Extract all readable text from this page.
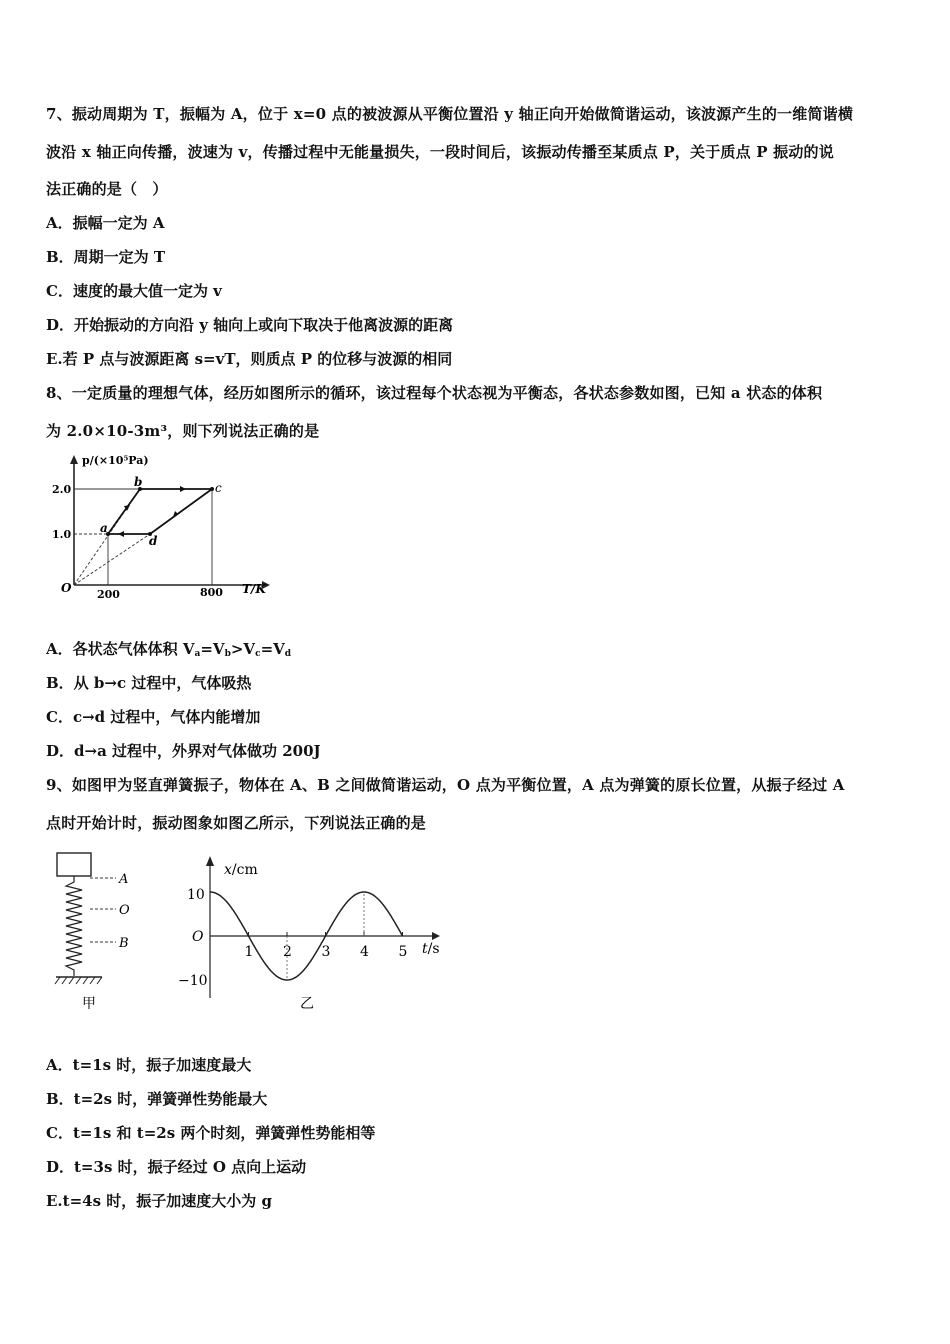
7、振动周期为 T，振幅为 A，位于 x=0 点的被波源从平衡位置沿 y 轴正向开始做简谐运动，该波源产生的一维简谐横
波沿 x 轴正向传播，波速为 v，传播过程中无能量损失，一段时间后，该振动传播至某质点 P，关于质点 P 振动的说
法正确的是（　）
A．振幅一定为 A
B．周期一定为 T
C．速度的最大值一定为 v
D．开始振动的方向沿 y 轴向上或向下取决于他离波源的距离
E.若 P 点与波源距离 s=vT，则质点 P 的位移与波源的相同
8、一定质量的理想气体，经历如图所示的循环，该过程每个状态视为平衡态，各状态参数如图，已知 a 状态的体积
为 2.0×10-3m³，则下列说法正确的是
p/(×10⁵Pa)
T/K
O
2.0
1.0
200	800
a
b	c
d
A．各状态气体体积 $V_a=V_b>V_c=V_d$
B．从 b→c 过程中，气体吸热
C．c→d 过程中，气体内能增加
D．d→a 过程中，外界对气体做功 200J
9、如图甲为竖直弹簧振子，物体在 A、B 之间做简谐运动，O 点为平衡位置，A 点为弹簧的原长位置，从振子经过 A
点时开始计时，振动图象如图乙所示，下列说法正确的是
A
O
B
甲
1 2 3 4 5
x/cm
t/s
O
10
−10
乙
A．t=1s 时，振子加速度最大
B．t=2s 时，弹簧弹性势能最大
C．t=1s 和 t=2s 两个时刻，弹簧弹性势能相等
D．t=3s 时，振子经过 O 点向上运动
E.t=4s 时，振子加速度大小为 g
